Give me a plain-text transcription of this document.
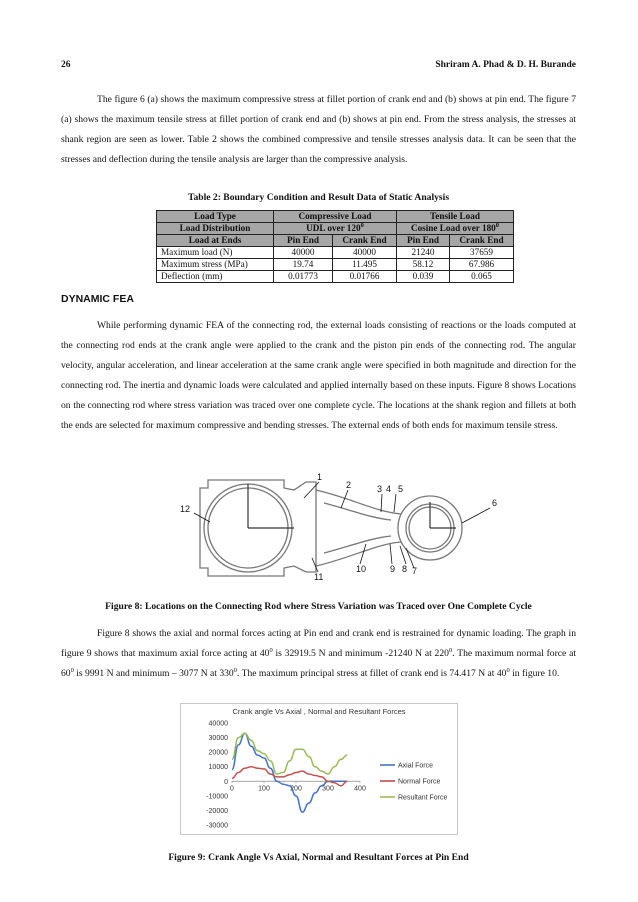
26	Shriram A. Phad & D. H. Burande

The figure 6 (a) shows the maximum compressive stress at fillet portion of crank end and (b) shows at pin end. The figure 7 (a) shows the maximum tensile stress at fillet portion of crank end and (b) shows at pin end. From the stress analysis, the stresses at shank region are seen as lower. Table 2 shows the combined compressive and tensile stresses analysis data. It can be seen that the stresses and deflection during the tensile analysis are larger than the compressive analysis.

Table 2: Boundary Condition and Result Data of Static Analysis
Load Type	Compressive Load		Tensile Load	
Load Distribution	UDL over $120^0$		Cosine Load over $180^0$
Load at Ends	Pin End	Crank End	Pin End	Crank End
Maximum load (N)	40000	40000	21240	37659
Maximum stress (MPa)	19.74	11.495	58.12	67.986
Deflection (mm)	0.01773	0.01766	0.039	0.065
DYNAMIC FEA

While performing dynamic FEA of the connecting rod, the external loads consisting of reactions or the loads computed at the connecting rod ends at the crank angle were applied to the crank and the piston pin ends of the connecting rod. The angular velocity, angular acceleration, and linear acceleration at the same crank angle were specified in both magnitude and direction for the connecting rod. The inertia and dynamic loads were calculated and applied internally based on these inputs. Figure 8 shows Locations on the connecting rod where stress variation was traced over one complete cycle. The locations at the shank region and fillets at both the ends are selected for maximum compressive and bending stresses. The external ends of both ends for maximum tensile stress.

1
2	3 4 5
6
7
8
9
10
11
12
Figure 8: Locations on the Connecting Rod where Stress Variation was Traced over One Complete Cycle

Figure 8 shows the axial and normal forces acting at Pin end and crank end is restrained for dynamic loading. The graph in figure 9 shows that maximum axial force acting at $40^0$ is 32919.5 N and minimum -21240 N at $220^0$. The maximum normal force at $60^0$ is 9991 N and minimum – 3077 N at $330^0$. The maximum principal stress at fillet of crank end is 74.417 N at $40^0$ in figure 10.

Crank angle Vs Axial , Normal and Resultant Forces
40000
30000
20000
10000
0
-10000
-20000
-30000
0	100	200	300	400
Axial Force
Normal Force
Resultant Force
Figure 9: Crank Angle Vs Axial, Normal and Resultant Forces at Pin End
